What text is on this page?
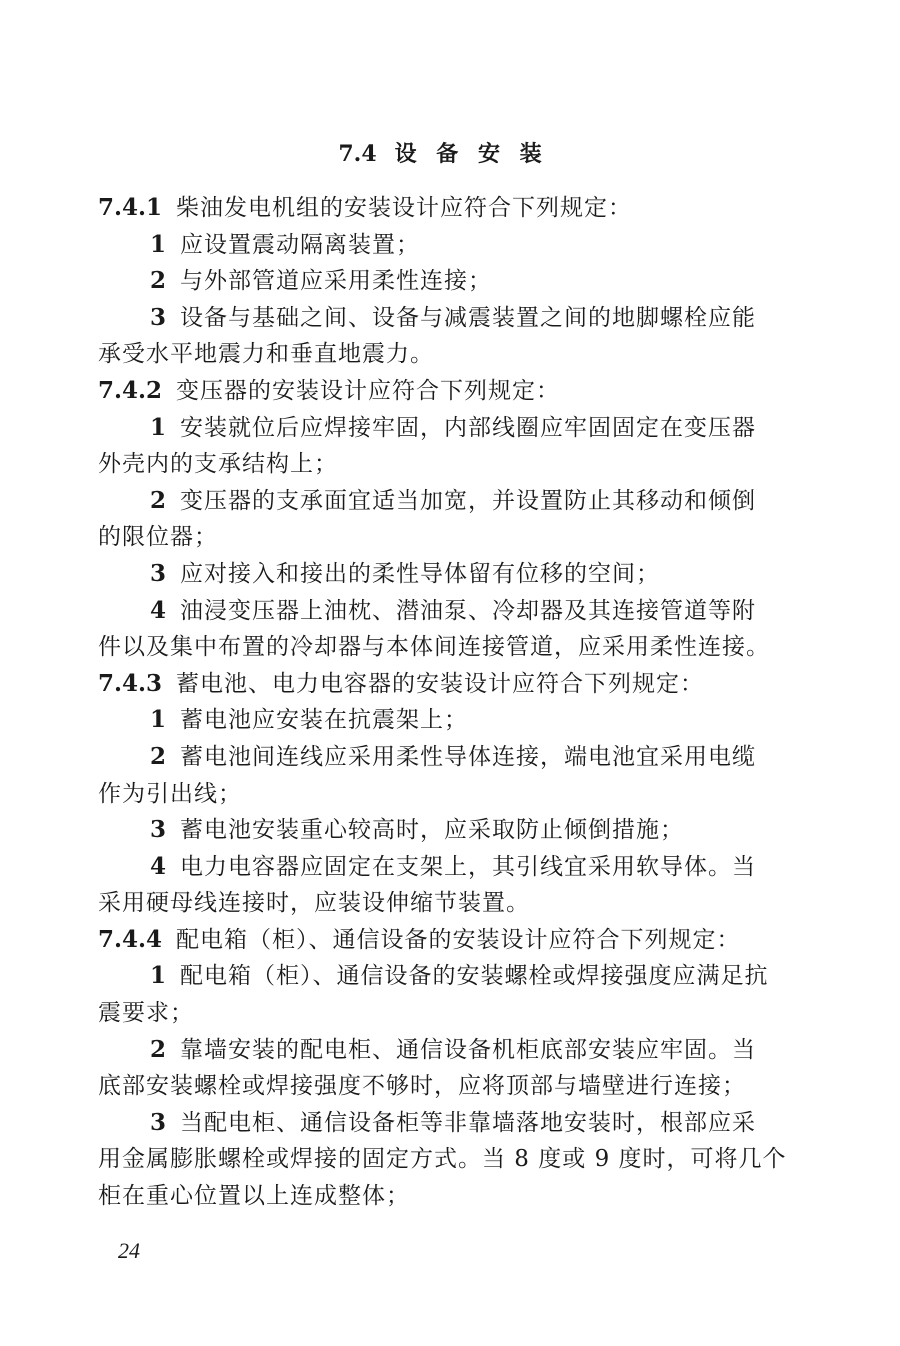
7.4 设 备 安 装
7.4.1 柴油发电机组的安装设计应符合下列规定：
1 应设置震动隔离装置；
2 与外部管道应采用柔性连接；
3 设备与基础之间、设备与减震装置之间的地脚螺栓应能
承受水平地震力和垂直地震力。
7.4.2 变压器的安装设计应符合下列规定：
1 安装就位后应焊接牢固，内部线圈应牢固固定在变压器
外壳内的支承结构上；
2 变压器的支承面宜适当加宽，并设置防止其移动和倾倒
的限位器；
3 应对接入和接出的柔性导体留有位移的空间；
4 油浸变压器上油枕、潜油泵、冷却器及其连接管道等附
件以及集中布置的冷却器与本体间连接管道，应采用柔性连接。
7.4.3 蓄电池、电力电容器的安装设计应符合下列规定：
1 蓄电池应安装在抗震架上；
2 蓄电池间连线应采用柔性导体连接，端电池宜采用电缆
作为引出线；
3 蓄电池安装重心较高时，应采取防止倾倒措施；
4 电力电容器应固定在支架上，其引线宜采用软导体。当
采用硬母线连接时，应装设伸缩节装置。
7.4.4 配电箱（柜）、通信设备的安装设计应符合下列规定：
1 配电箱（柜）、通信设备的安装螺栓或焊接强度应满足抗
震要求；
2 靠墙安装的配电柜、通信设备机柜底部安装应牢固。当
底部安装螺栓或焊接强度不够时，应将顶部与墙壁进行连接；
3 当配电柜、通信设备柜等非靠墙落地安装时，根部应采
用金属膨胀螺栓或焊接的固定方式。当 8 度或 9 度时，可将几个
柜在重心位置以上连成整体；
24
